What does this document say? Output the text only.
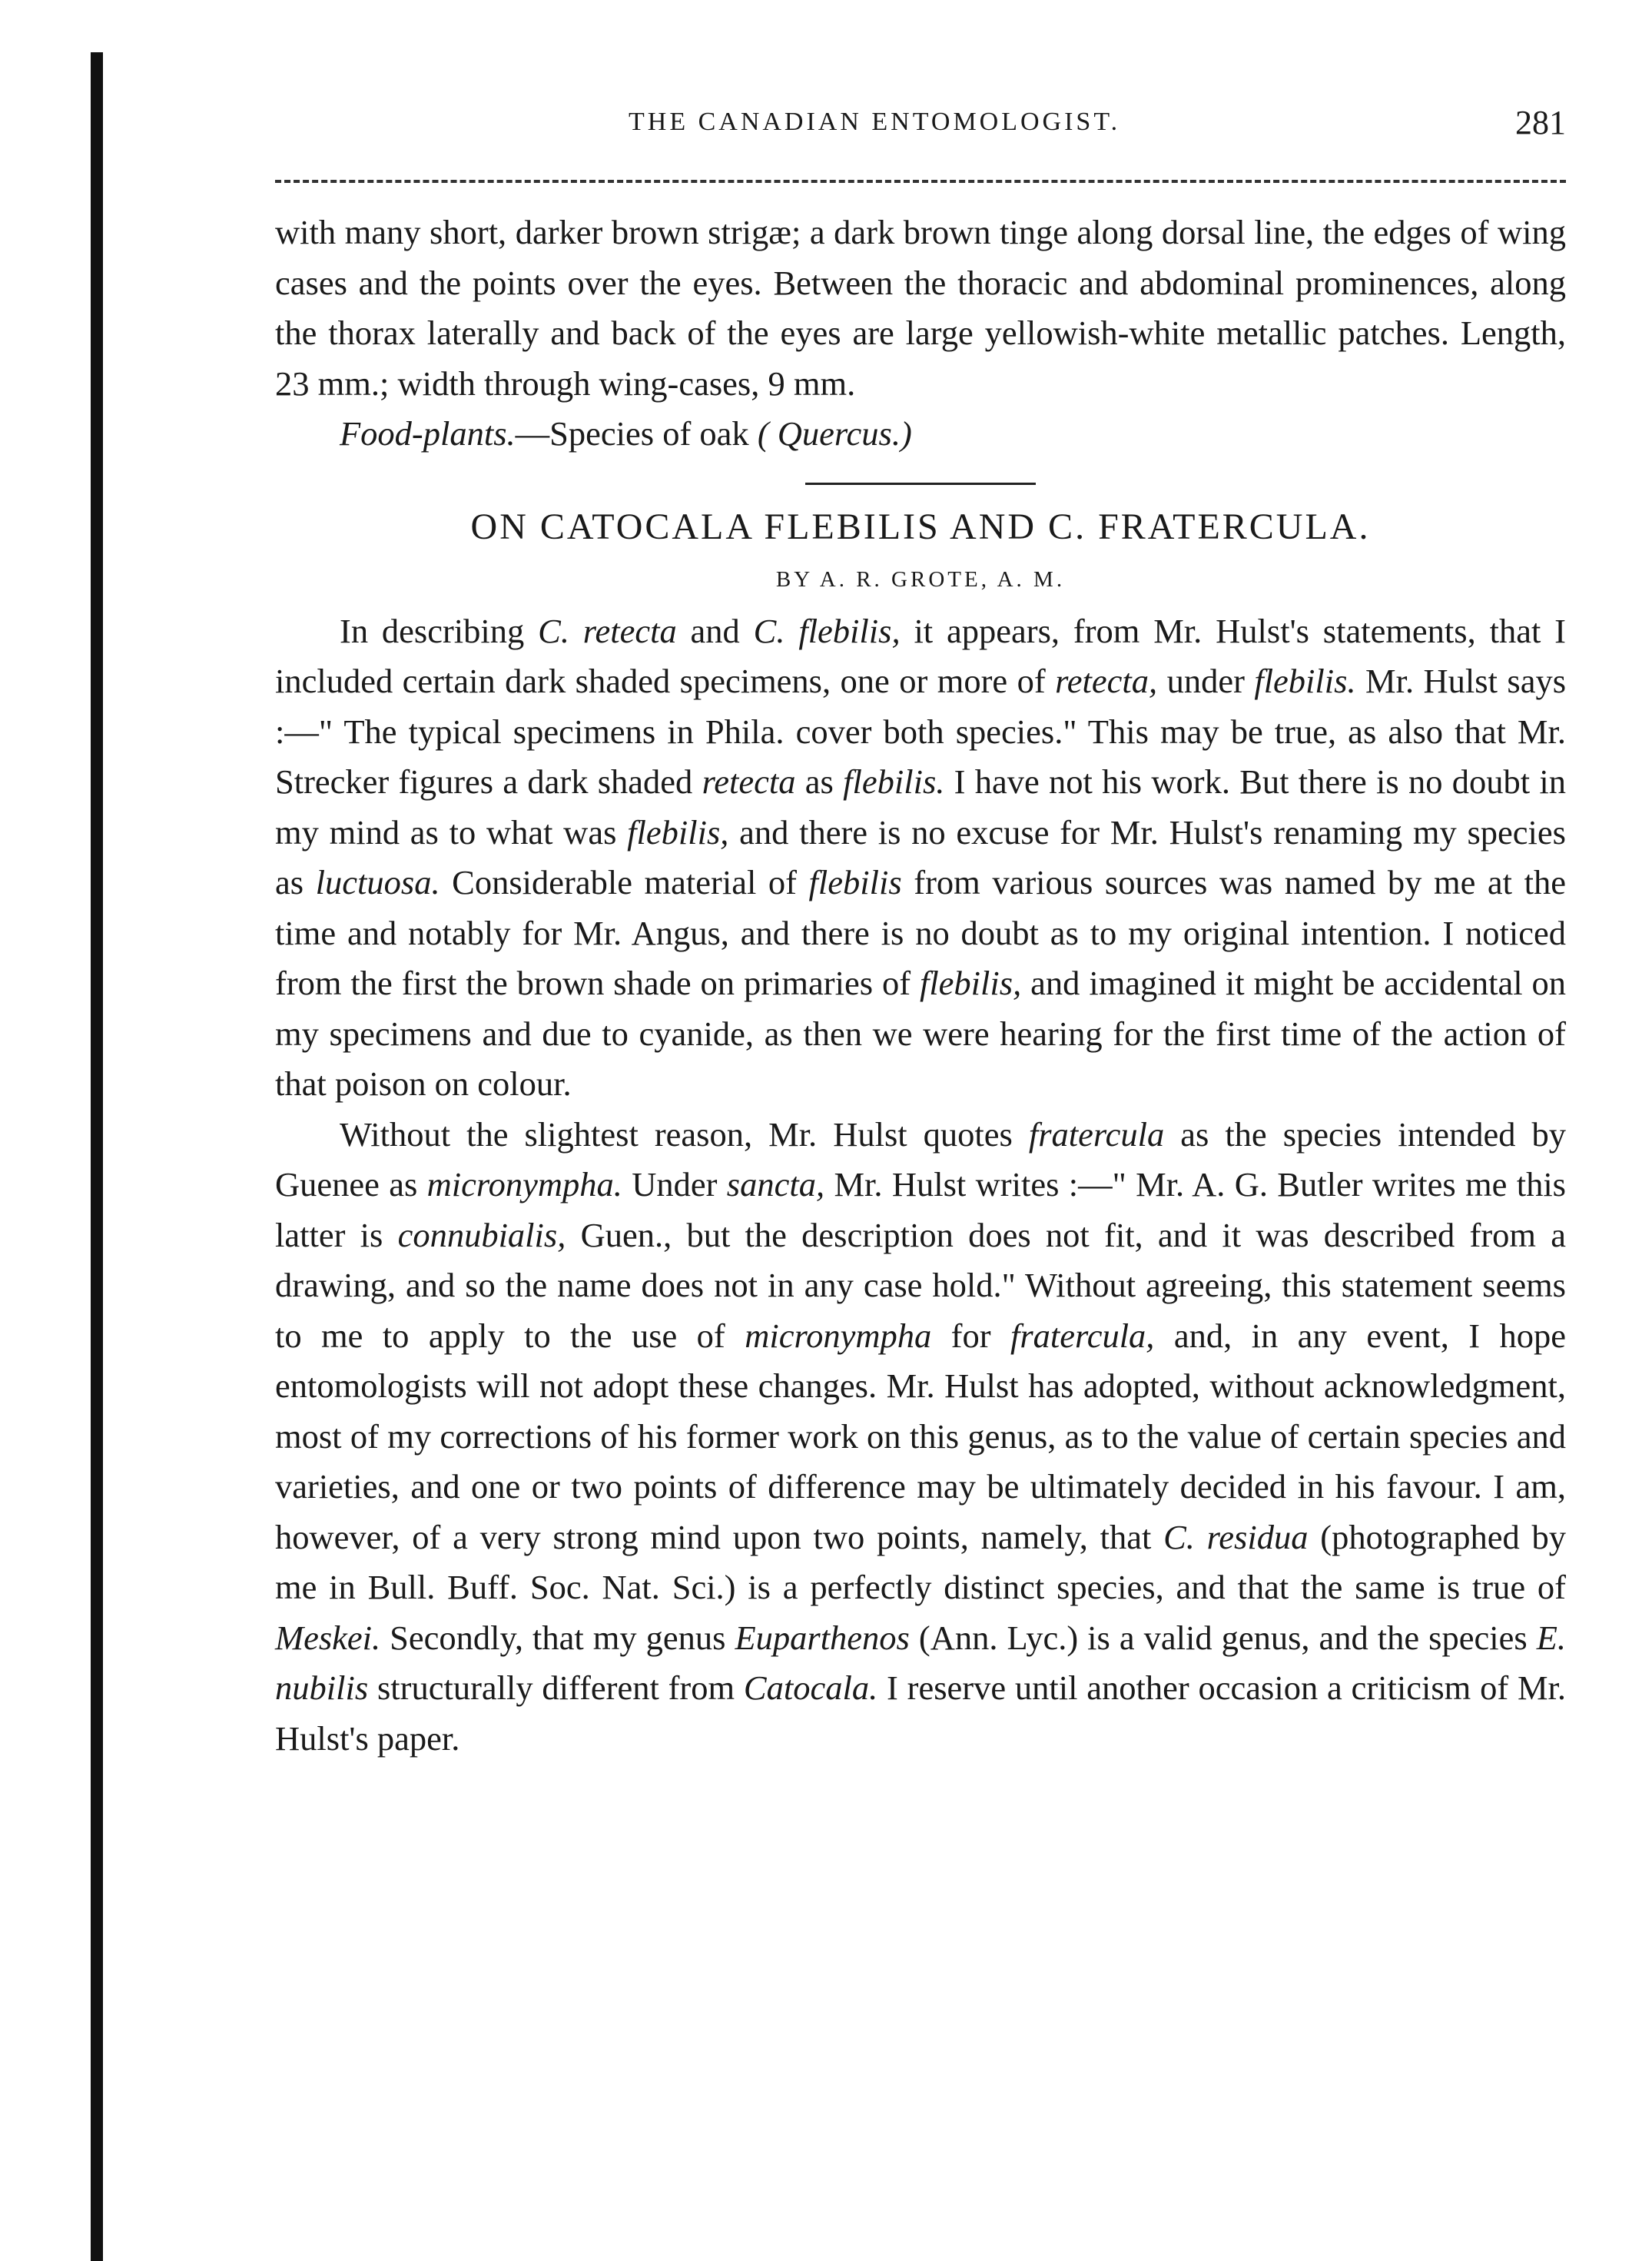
THE CANADIAN ENTOMOLOGIST.	281

with many short, darker brown strigæ; a dark brown tinge along dorsal line, the edges of wing cases and the points over the eyes. Between the thoracic and abdominal prominences, along the thorax laterally and back of the eyes are large yellowish-white metallic patches. Length, 23 mm.; width through wing-cases, 9 mm.

Food-plants.—Species of oak ( Quercus.)

ON CATOCALA FLEBILIS AND C. FRATERCULA.

BY A. R. GROTE, A. M.

In describing C. retecta and C. flebilis, it appears, from Mr. Hulst's statements, that I included certain dark shaded specimens, one or more of retecta, under flebilis. Mr. Hulst says :—" The typical specimens in Phila. cover both species." This may be true, as also that Mr. Strecker figures a dark shaded retecta as flebilis. I have not his work. But there is no doubt in my mind as to what was flebilis, and there is no excuse for Mr. Hulst's renaming my species as luctuosa. Considerable material of flebilis from various sources was named by me at the time and notably for Mr. Angus, and there is no doubt as to my original intention. I noticed from the first the brown shade on primaries of flebilis, and imagined it might be accidental on my specimens and due to cyanide, as then we were hearing for the first time of the action of that poison on colour.

Without the slightest reason, Mr. Hulst quotes fratercula as the species intended by Guenee as micronympha. Under sancta, Mr. Hulst writes :—" Mr. A. G. Butler writes me this latter is connubialis, Guen., but the description does not fit, and it was described from a drawing, and so the name does not in any case hold." Without agreeing, this statement seems to me to apply to the use of micronympha for fratercula, and, in any event, I hope entomologists will not adopt these changes. Mr. Hulst has adopted, without acknowledgment, most of my corrections of his former work on this genus, as to the value of certain species and varieties, and one or two points of difference may be ultimately decided in his favour. I am, however, of a very strong mind upon two points, namely, that C. residua (photographed by me in Bull. Buff. Soc. Nat. Sci.) is a perfectly distinct species, and that the same is true of Meskei. Secondly, that my genus Euparthenos (Ann. Lyc.) is a valid genus, and the species E. nubilis structurally different from Catocala. I reserve until another occasion a criticism of Mr. Hulst's paper.
